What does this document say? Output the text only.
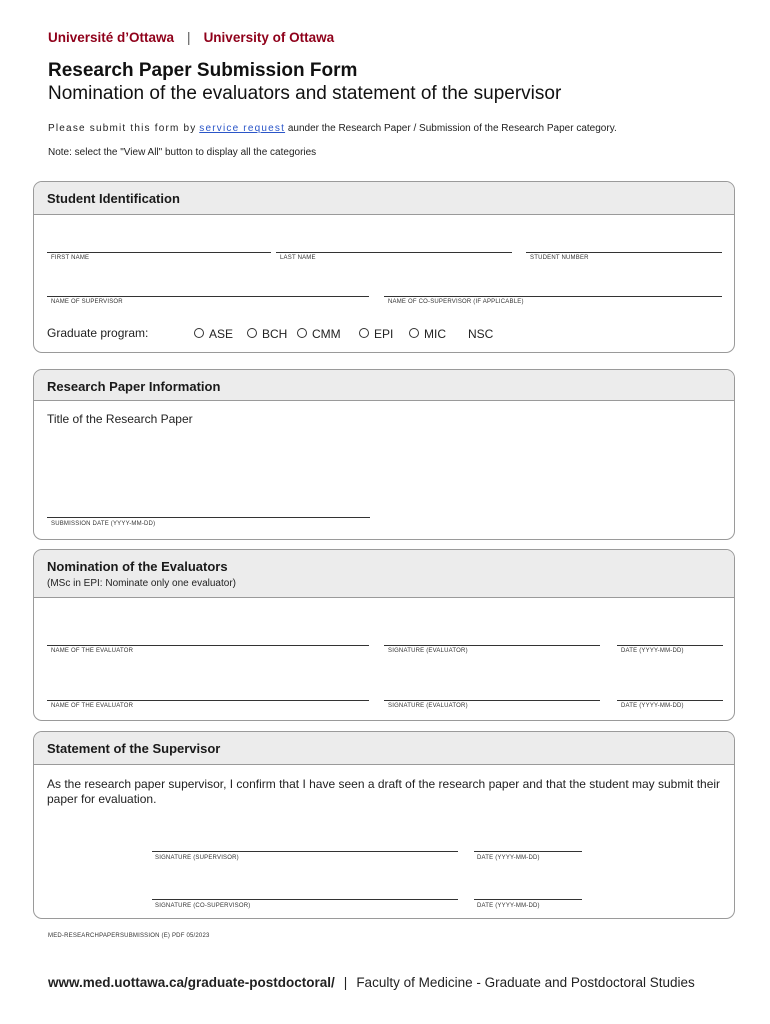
Université d’Ottawa | University of Ottawa
Research Paper Submission Form
Nomination of the evaluators and statement of the supervisor
Please submit this form by service request aunder the Research Paper / Submission of the Research Paper category.
Note: select the "View All" button to display all the categories
Student Identification
FIRST NAME	LAST NAME	STUDENT NUMBER
NAME OF SUPERVISOR	NAME OF CO-SUPERVISOR (IF APPLICABLE)
Graduate program:	ASE	BCH	CMM	EPI	MIC NSC
Research Paper Information
Title of the Research Paper
SUBMISSION DATE (YYYY-MM-DD)
Nomination of the Evaluators
(MSc in EPI: Nominate only one evaluator)
NAME OF THE EVALUATOR	SIGNATURE (EVALUATOR)	DATE (YYYY-MM-DD)
NAME OF THE EVALUATOR	SIGNATURE (EVALUATOR)	DATE (YYYY-MM-DD)
Statement of the Supervisor
As the research paper supervisor, I confirm that I have seen a draft of the research paper and that the student may submit their paper for evaluation.
SIGNATURE (SUPERVISOR)	DATE (YYYY-MM-DD)
SIGNATURE (CO-SUPERVISOR)	DATE (YYYY-MM-DD)
MED-RESEARCHPAPERSUBMISSION (E) PDF 05/2023
www.med.uottawa.ca/graduate-postdoctoral/ | Faculty of Medicine - Graduate and Postdoctoral Studies
